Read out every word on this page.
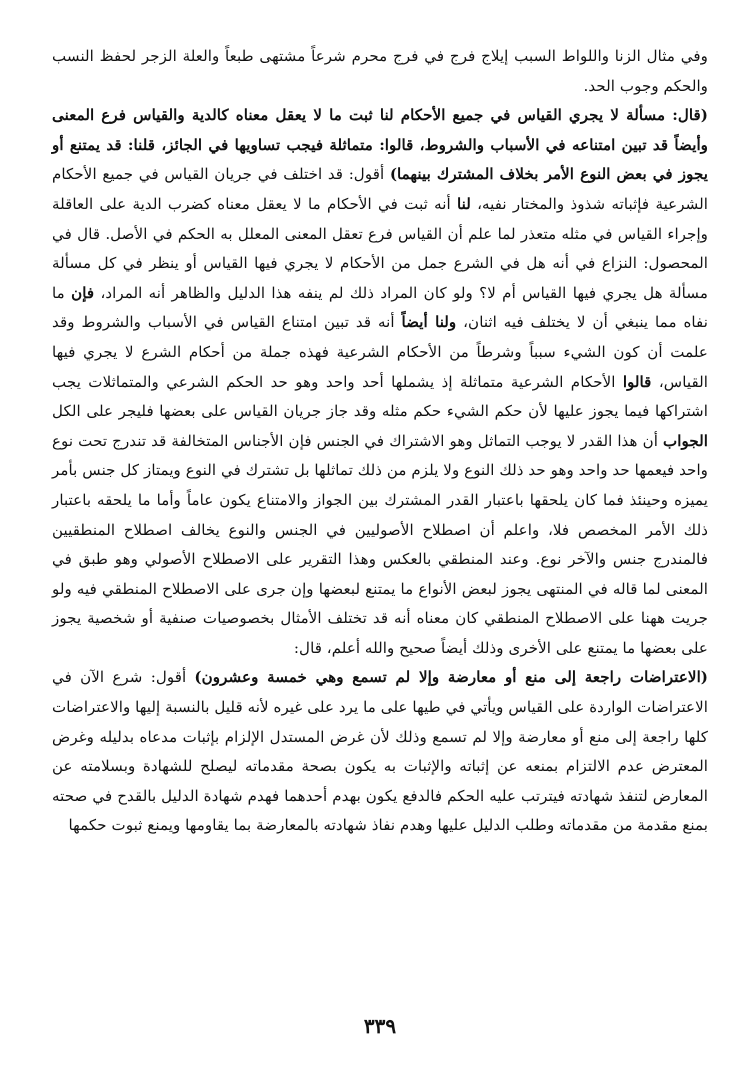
وفي مثال الزنا واللواط السبب إيلاج فرج في فرج محرم شرعاً مشتهى طبعاً والعلة الزجر لحفظ النسب والحكم وجوب الحد.

(قال: مسألة لا يجري القياس في جميع الأحكام لنا ثبت ما لا يعقل معناه كالدية والقياس فرع المعنى وأيضاً قد تبين امتناعه في الأسباب والشروط، قالوا: متماثلة فيجب تساويها في الجائز، قلنا: قد يمتنع أو يجوز في بعض النوع الأمر بخلاف المشترك بينهما) أقول: قد اختلف في جريان القياس في جميع الأحكام الشرعية فإثباته شذوذ والمختار نفيه، لنا أنه ثبت في الأحكام ما لا يعقل معناه كضرب الدية على العاقلة وإجراء القياس في مثله متعذر لما علم أن القياس فرع تعقل المعنى المعلل به الحكم في الأصل. قال في المحصول: النزاع في أنه هل في الشرع جمل من الأحكام لا يجري فيها القياس أو ينظر في كل مسألة مسألة هل يجري فيها القياس أم لا؟ ولو كان المراد ذلك لم ينفه هذا الدليل والظاهر أنه المراد، فإن ما نفاه مما ينبغي أن لا يختلف فيه اثنان، ولنا أيضاً أنه قد تبين امتناع القياس في الأسباب والشروط وقد علمت أن كون الشيء سبباً وشرطاً من الأحكام الشرعية فهذه جملة من أحكام الشرع لا يجري فيها القياس، قالوا الأحكام الشرعية متماثلة إذ يشملها أحد واحد وهو حد الحكم الشرعي والمتماثلات يجب اشتراكها فيما يجوز عليها لأن حكم الشيء حكم مثله وقد جاز جريان القياس على بعضها فليجر على الكل الجواب أن هذا القدر لا يوجب التماثل وهو الاشتراك في الجنس فإن الأجناس المتخالفة قد تندرج تحت نوع واحد فيعمها حد واحد وهو حد ذلك النوع ولا يلزم من ذلك تماثلها بل تشترك في النوع ويمتاز كل جنس بأمر يميزه وحينئذ فما كان يلحقها باعتبار القدر المشترك بين الجواز والامتناع يكون عاماً وأما ما يلحقه باعتبار ذلك الأمر المخصص فلا، واعلم أن اصطلاح الأصوليين في الجنس والنوع يخالف اصطلاح المنطقيين فالمندرج جنس والآخر نوع. وعند المنطقي بالعكس وهذا التقرير على الاصطلاح الأصولي وهو طبق في المعنى لما قاله في المنتهى يجوز لبعض الأنواع ما يمتنع لبعضها وإن جرى على الاصطلاح المنطقي فيه ولو جريت ههنا على الاصطلاح المنطقي كان معناه أنه قد تختلف الأمثال بخصوصيات صنفية أو شخصية يجوز على بعضها ما يمتنع على الأخرى وذلك أيضاً صحيح والله أعلم، قال:

(الاعتراضات راجعة إلى منع أو معارضة وإلا لم تسمع وهي خمسة وعشرون) أقول: شرع الآن في الاعتراضات الواردة على القياس ويأتي في طيها على ما يرد على غيره لأنه قليل بالنسبة إليها والاعتراضات كلها راجعة إلى منع أو معارضة وإلا لم تسمع وذلك لأن غرض المستدل الإلزام بإثبات مدعاه بدليله وغرض المعترض عدم الالتزام بمنعه عن إثباته والإثبات به يكون بصحة مقدماته ليصلح للشهادة وبسلامته عن المعارض لتنفذ شهادته فيترتب عليه الحكم فالدفع يكون بهدم أحدهما فهدم شهادة الدليل بالقدح في صحته بمنع مقدمة من مقدماته وطلب الدليل عليها وهدم نفاذ شهادته بالمعارضة بما يقاومها ويمنع ثبوت حكمها

٣٣٩
